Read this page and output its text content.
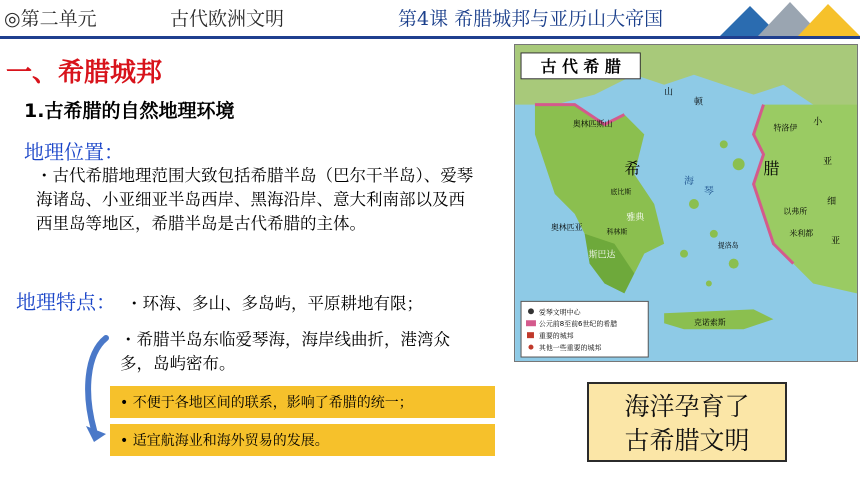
◎第二单元	古代欧洲文明	第4课 希腊城邦与亚历山大帝国
一、希腊城邦
1.古希腊的自然地理环境
地理位置：
・古代希腊地理范围大致包括希腊半岛（巴尔干半岛）、爱琴海诸岛、小亚细亚半岛西岸、黑海沿岸、意大利南部以及西西里岛等地区，希腊半岛是古代希腊的主体。
地理特点： ・环海、多山、多岛屿，平原耕地有限；
・希腊半岛东临爱琴海，海岸线曲折，港湾众多，岛屿密布。
• 不便于各地区间的联系，影响了希腊的统一；
• 适宜航海业和海外贸易的发展。
古 代 希 腊
奥林匹斯山	特洛伊
希	腊
小
亚
细
亚
雅典
奥林匹亚
斯巴达
克诺索斯
提洛岛
以弗所
米利都
底比斯
科林斯
山
顿
海
琴
爱琴文明中心
公元前8至前6世纪的希腊
重要的城邦
其他一些重要的城邦
海洋孕育了
古希腊文明
